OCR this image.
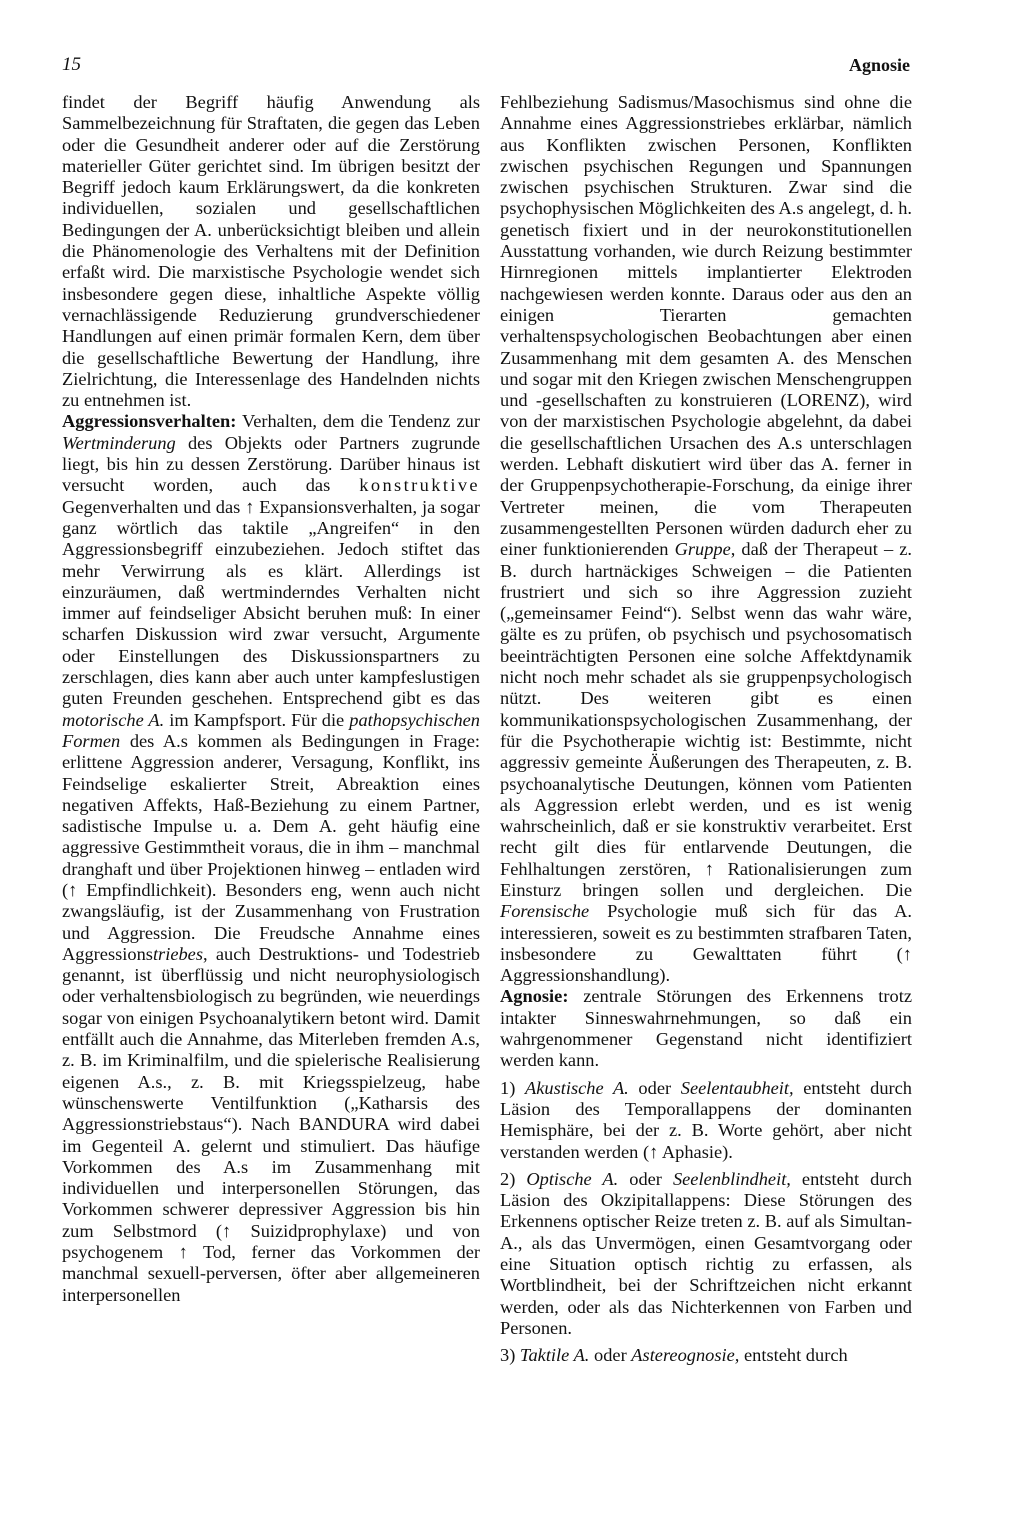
15	Agnosie

findet der Begriff häufig Anwendung als Sammelbezeichnung für Straftaten, die gegen das Leben oder die Gesundheit anderer oder auf die Zerstörung materieller Güter gerichtet sind. Im übrigen besitzt der Begriff jedoch kaum Erklärungswert, da die konkreten individuellen, sozialen und gesellschaftlichen Bedingungen der A. unberücksichtigt bleiben und allein die Phänomenologie des Verhaltens mit der Definition erfaßt wird. Die marxistische Psychologie wendet sich insbesondere gegen diese, inhaltliche Aspekte völlig vernachlässigende Reduzierung grundverschiedener Handlungen auf einen primär formalen Kern, dem über die gesellschaftliche Bewertung der Handlung, ihre Zielrichtung, die Interessenlage des Handelnden nichts zu entnehmen ist.

Aggressionsverhalten: Verhalten, dem die Tendenz zur Wertminderung des Objekts oder Partners zugrunde liegt, bis hin zu dessen Zerstörung. Darüber hinaus ist versucht worden, auch das konstruktive Gegenverhalten und das ↑ Expansionsverhalten, ja sogar ganz wörtlich das taktile „Angreifen“ in den Aggressionsbegriff einzubeziehen. Jedoch stiftet das mehr Verwirrung als es klärt. Allerdings ist einzuräumen, daß wertminderndes Verhalten nicht immer auf feindseliger Absicht beruhen muß: In einer scharfen Diskussion wird zwar versucht, Argumente oder Einstellungen des Diskussionspartners zu zerschlagen, dies kann aber auch unter kampfeslustigen guten Freunden geschehen. Entsprechend gibt es das motorische A. im Kampfsport. Für die pathopsychischen Formen des A.s kommen als Bedingungen in Frage: erlittene Aggression anderer, Versagung, Konflikt, ins Feindselige eskalierter Streit, Abreaktion eines negativen Affekts, Haß-Beziehung zu einem Partner, sadistische Impulse u. a. Dem A. geht häufig eine aggressive Gestimmtheit voraus, die in ihm – manchmal dranghaft und über Projektionen hinweg – entladen wird (↑ Empfindlichkeit). Besonders eng, wenn auch nicht zwangsläufig, ist der Zusammenhang von Frustration und Aggression. Die Freudsche Annahme eines Aggressionstriebes, auch Destruktions- und Todestrieb genannt, ist überflüssig und nicht neurophysiologisch oder verhaltensbiologisch zu begründen, wie neuerdings sogar von einigen Psychoanalytikern betont wird. Damit entfällt auch die Annahme, das Miterleben fremden A.s, z. B. im Kriminalfilm, und die spielerische Realisierung eigenen A.s., z. B. mit Kriegsspielzeug, habe wünschenswerte Ventilfunktion („Katharsis des Aggressionstriebstaus“). Nach BANDURA wird dabei im Gegenteil A. gelernt und stimuliert. Das häufige Vorkommen des A.s im Zusammenhang mit individuellen und interpersonellen Störungen, das Vorkommen schwerer depressiver Aggression bis hin zum Selbstmord (↑ Suizidprophylaxe) und von psychogenem ↑ Tod, ferner das Vorkommen der manchmal sexuell-perversen, öfter aber allgemeineren interpersonellen

Fehlbeziehung Sadismus/Masochismus sind ohne die Annahme eines Aggressionstriebes erklärbar, nämlich aus Konflikten zwischen Personen, Konflikten zwischen psychischen Regungen und Spannungen zwischen psychischen Strukturen. Zwar sind die psychophysischen Möglichkeiten des A.s angelegt, d. h. genetisch fixiert und in der neurokonstitutionellen Ausstattung vorhanden, wie durch Reizung bestimmter Hirnregionen mittels implantierter Elektroden nachgewiesen werden konnte. Daraus oder aus den an einigen Tierarten gemachten verhaltenspsychologischen Beobachtungen aber einen Zusammenhang mit dem gesamten A. des Menschen und sogar mit den Kriegen zwischen Menschengruppen und -gesellschaften zu konstruieren (LORENZ), wird von der marxistischen Psychologie abgelehnt, da dabei die gesellschaftlichen Ursachen des A.s unterschlagen werden. Lebhaft diskutiert wird über das A. ferner in der Gruppenpsychotherapie-Forschung, da einige ihrer Vertreter meinen, die vom Therapeuten zusammengestellten Personen würden dadurch eher zu einer funktionierenden Gruppe, daß der Therapeut – z. B. durch hartnäckiges Schweigen – die Patienten frustriert und sich so ihre Aggression zuzieht („gemeinsamer Feind“). Selbst wenn das wahr wäre, gälte es zu prüfen, ob psychisch und psychosomatisch beeinträchtigten Personen eine solche Affektdynamik nicht noch mehr schadet als sie gruppenpsychologisch nützt. Des weiteren gibt es einen kommunikationspsychologischen Zusammenhang, der für die Psychotherapie wichtig ist: Bestimmte, nicht aggressiv gemeinte Äußerungen des Therapeuten, z. B. psychoanalytische Deutungen, können vom Patienten als Aggression erlebt werden, und es ist wenig wahrscheinlich, daß er sie konstruktiv verarbeitet. Erst recht gilt dies für entlarvende Deutungen, die Fehlhaltungen zerstören, ↑ Rationalisierungen zum Einsturz bringen sollen und dergleichen. Die Forensische Psychologie muß sich für das A. interessieren, soweit es zu bestimmten strafbaren Taten, insbesondere zu Gewalttaten führt (↑ Aggressionshandlung).

Agnosie: zentrale Störungen des Erkennens trotz intakter Sinneswahrnehmungen, so daß ein wahrgenommener Gegenstand nicht identifiziert werden kann.

1) Akustische A. oder Seelentaubheit, entsteht durch Läsion des Temporallappens der dominanten Hemisphäre, bei der z. B. Worte gehört, aber nicht verstanden werden (↑ Aphasie).

2) Optische A. oder Seelenblindheit, entsteht durch Läsion des Okzipitallappens: Diese Störungen des Erkennens optischer Reize treten z. B. auf als Simultan-A., als das Unvermögen, einen Gesamtvorgang oder eine Situation optisch richtig zu erfassen, als Wortblindheit, bei der Schriftzeichen nicht erkannt werden, oder als das Nichterkennen von Farben und Personen.

3) Taktile A. oder Astereognosie, entsteht durch
